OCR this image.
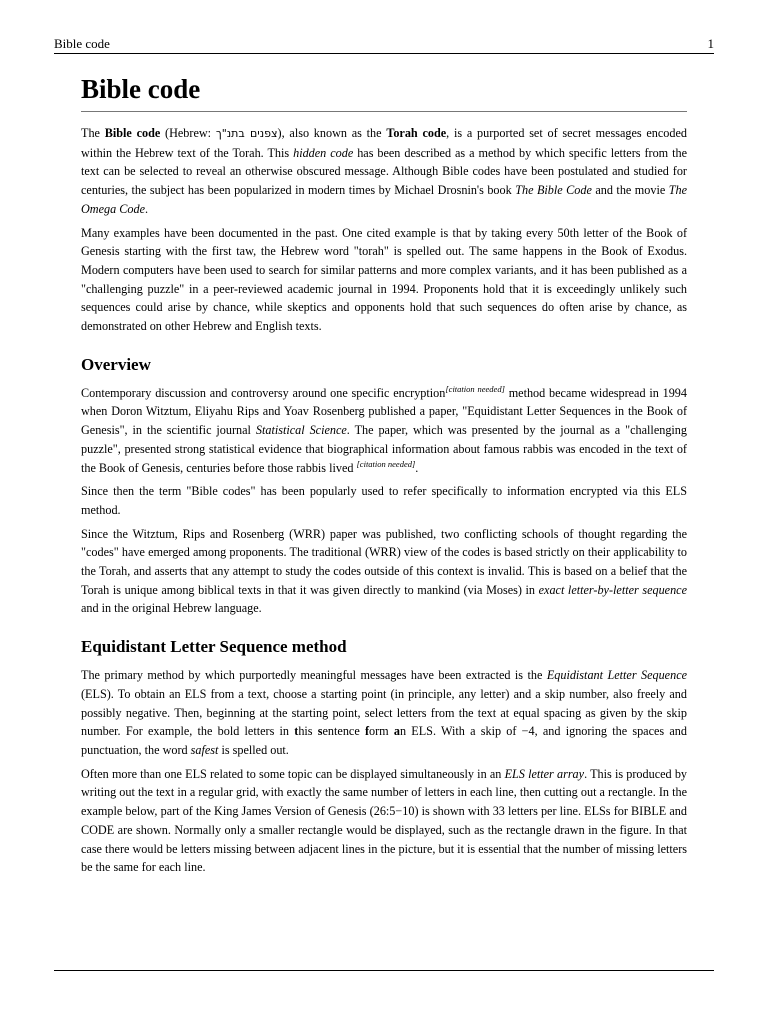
Bible code	1
Bible code

The Bible code (Hebrew: צפנים בתנ"ך), also known as the Torah code, is a purported set of secret messages encoded within the Hebrew text of the Torah. This hidden code has been described as a method by which specific letters from the text can be selected to reveal an otherwise obscured message. Although Bible codes have been postulated and studied for centuries, the subject has been popularized in modern times by Michael Drosnin's book The Bible Code and the movie The Omega Code.

Many examples have been documented in the past. One cited example is that by taking every 50th letter of the Book of Genesis starting with the first taw, the Hebrew word "torah" is spelled out. The same happens in the Book of Exodus. Modern computers have been used to search for similar patterns and more complex variants, and it has been published as a "challenging puzzle" in a peer-reviewed academic journal in 1994. Proponents hold that it is exceedingly unlikely such sequences could arise by chance, while skeptics and opponents hold that such sequences do often arise by chance, as demonstrated on other Hebrew and English texts.

Overview

Contemporary discussion and controversy around one specific encryption[citation needed] method became widespread in 1994 when Doron Witztum, Eliyahu Rips and Yoav Rosenberg published a paper, "Equidistant Letter Sequences in the Book of Genesis", in the scientific journal Statistical Science. The paper, which was presented by the journal as a "challenging puzzle", presented strong statistical evidence that biographical information about famous rabbis was encoded in the text of the Book of Genesis, centuries before those rabbis lived [citation needed].

Since then the term "Bible codes" has been popularly used to refer specifically to information encrypted via this ELS method.

Since the Witztum, Rips and Rosenberg (WRR) paper was published, two conflicting schools of thought regarding the "codes" have emerged among proponents. The traditional (WRR) view of the codes is based strictly on their applicability to the Torah, and asserts that any attempt to study the codes outside of this context is invalid. This is based on a belief that the Torah is unique among biblical texts in that it was given directly to mankind (via Moses) in exact letter-by-letter sequence and in the original Hebrew language.

Equidistant Letter Sequence method

The primary method by which purportedly meaningful messages have been extracted is the Equidistant Letter Sequence (ELS). To obtain an ELS from a text, choose a starting point (in principle, any letter) and a skip number, also freely and possibly negative. Then, beginning at the starting point, select letters from the text at equal spacing as given by the skip number. For example, the bold letters in this sentence form an ELS. With a skip of −4, and ignoring the spaces and punctuation, the word safest is spelled out.

Often more than one ELS related to some topic can be displayed simultaneously in an ELS letter array. This is produced by writing out the text in a regular grid, with exactly the same number of letters in each line, then cutting out a rectangle. In the example below, part of the King James Version of Genesis (26:5−10) is shown with 33 letters per line. ELSs for BIBLE and CODE are shown. Normally only a smaller rectangle would be displayed, such as the rectangle drawn in the figure. In that case there would be letters missing between adjacent lines in the picture, but it is essential that the number of missing letters be the same for each line.
